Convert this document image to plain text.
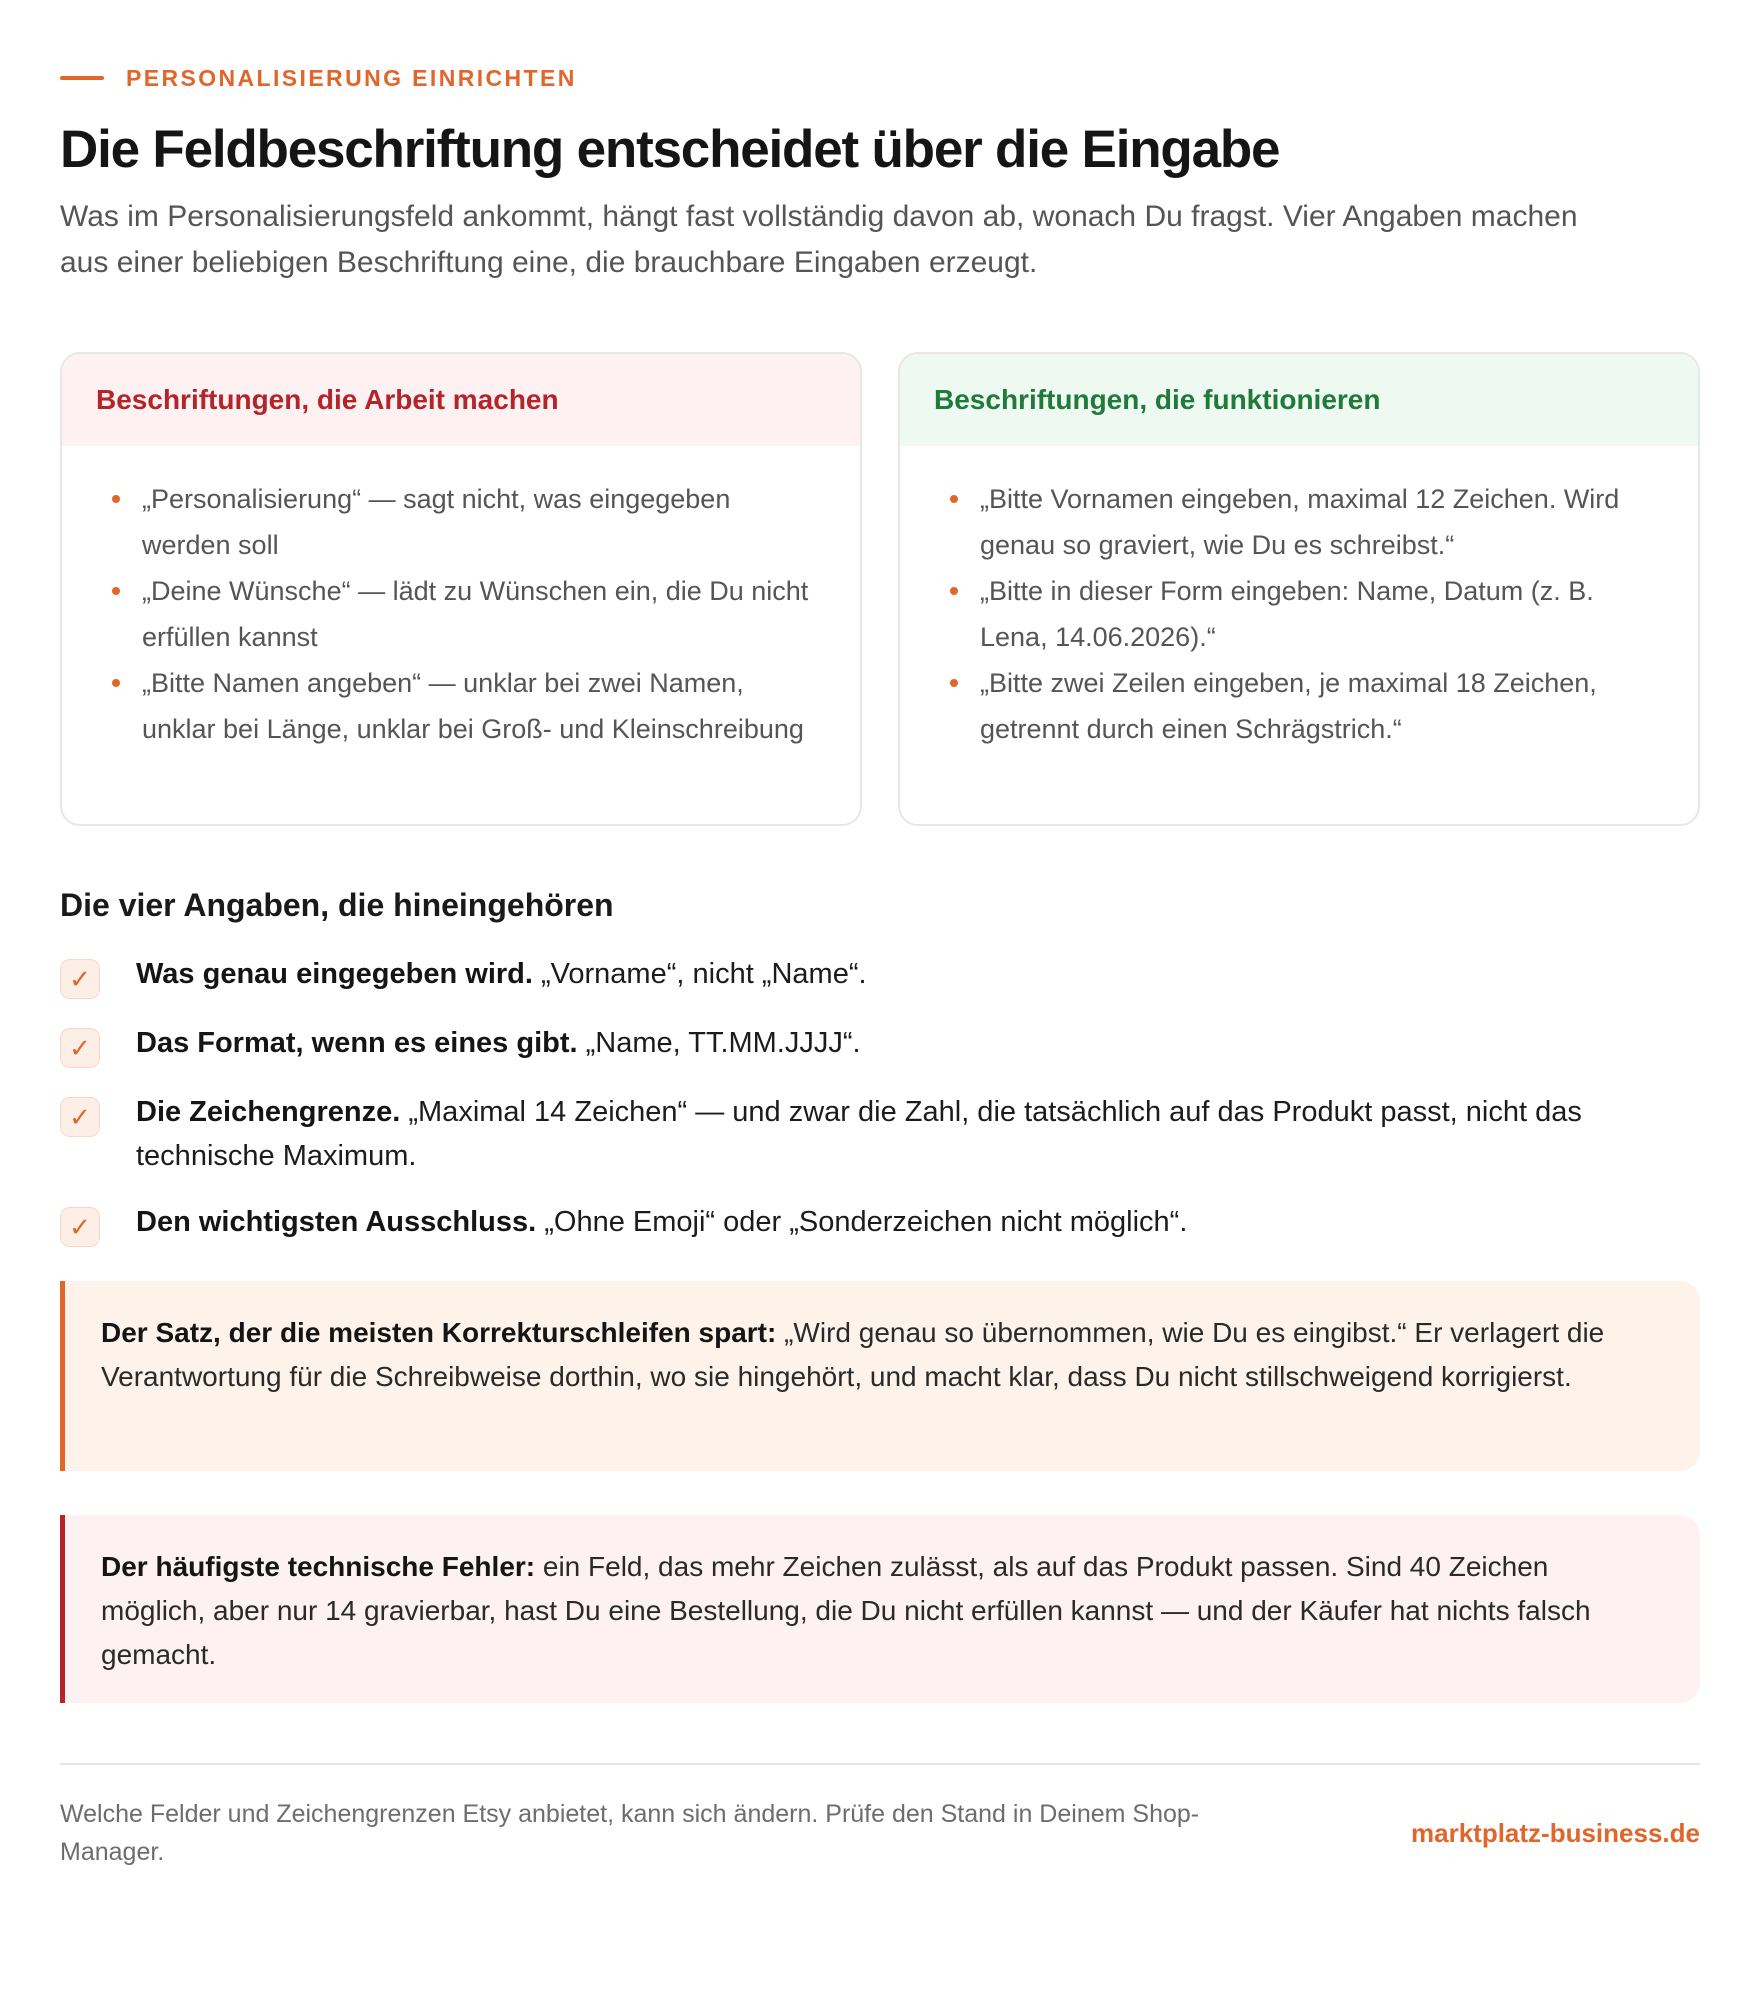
PERSONALISIERUNG EINRICHTEN
Die Feldbeschriftung entscheidet über die Eingabe

Was im Personalisierungsfeld ankommt, hängt fast vollständig davon ab, wonach Du fragst. Vier Angaben machen aus einer beliebigen Beschriftung eine, die brauchbare Eingaben erzeugt.

Beschriftungen, die Arbeit machen
„Personalisierung“ — sagt nicht, was eingegeben werden soll
„Deine Wünsche“ — lädt zu Wünschen ein, die Du nicht erfüllen kannst
„Bitte Namen angeben“ — unklar bei zwei Namen, unklar bei Länge, unklar bei Groß- und Kleinschreibung
Beschriftungen, die funktionieren
„Bitte Vornamen eingeben, maximal 12 Zeichen. Wird genau so graviert, wie Du es schreibst.“
„Bitte in dieser Form eingeben: Name, Datum (z. B. Lena, 14.06.2026).“
„Bitte zwei Zeilen eingeben, je maximal 18 Zeichen, getrennt durch einen Schrägstrich.“
Die vier Angaben, die hineingehören
✓	Was genau eingegeben wird. „Vorname“, nicht „Name“.
✓	Das Format, wenn es eines gibt. „Name, TT.MM.JJJJ“.
✓	Die Zeichengrenze. „Maximal 14 Zeichen“ — und zwar die Zahl, die tatsächlich auf das Produkt passt, nicht das technische Maximum.
✓	Den wichtigsten Ausschluss. „Ohne Emoji“ oder „Sonderzeichen nicht möglich“.
Der Satz, der die meisten Korrekturschleifen spart: „Wird genau so übernommen, wie Du es eingibst.“ Er verlagert die Verantwortung für die Schreibweise dorthin, wo sie hingehört, und macht klar, dass Du nicht stillschweigend korrigierst.
Der häufigste technische Fehler: ein Feld, das mehr Zeichen zulässt, als auf das Produkt passen. Sind 40 Zeichen möglich, aber nur 14 gravierbar, hast Du eine Bestellung, die Du nicht erfüllen kannst — und der Käufer hat nichts falsch gemacht.
Welche Felder und Zeichengrenzen Etsy anbietet, kann sich ändern. Prüfe den Stand in Deinem Shop-Manager.
marktplatz-business.de
